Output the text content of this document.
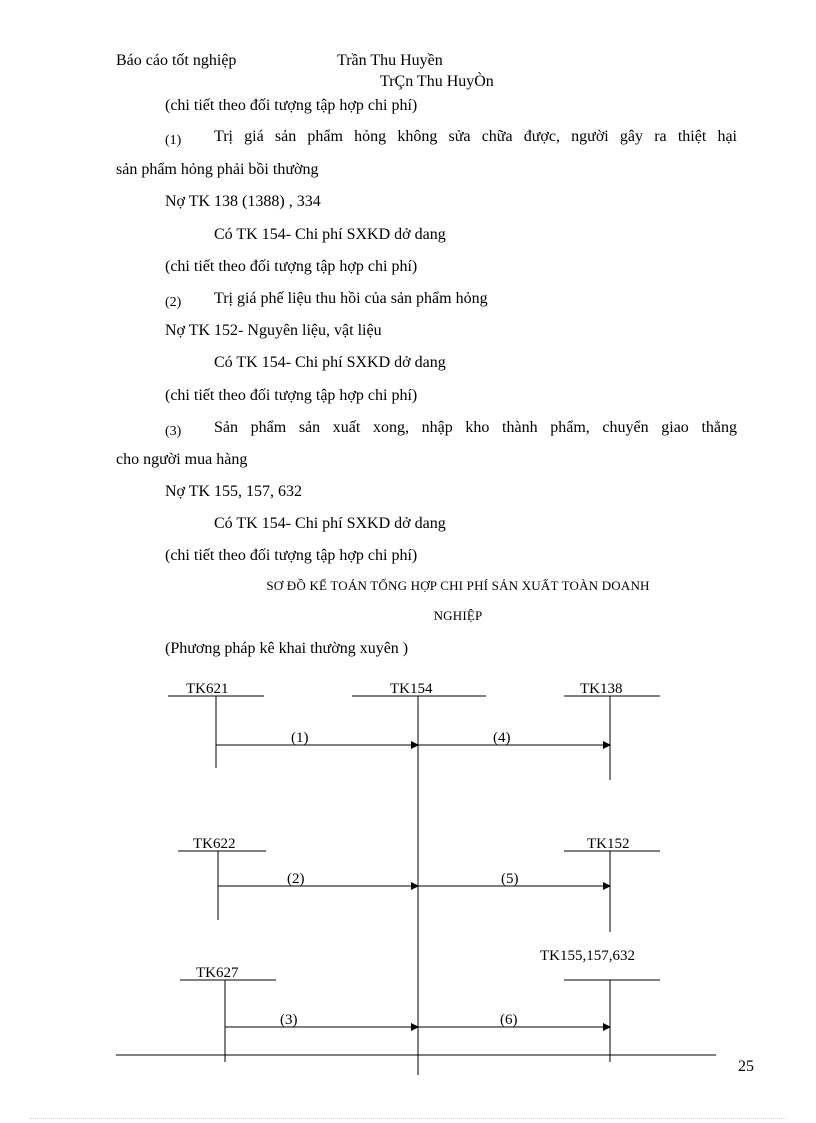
Báo cáo tốt nghiệp	Trần Thu Huyền
TrÇn Thu HuyÒn
(chi tiết theo đối tượng tập hợp chi phí)
(1) Trị giá sản phẩm hỏng không sửa chữa được, người gây ra thiệt hại
sản phẩm hỏng phải bồi thường
Nợ TK 138 (1388) , 334
Có TK 154- Chi phí SXKD dở dang
(chi tiết theo đối tượng tập hợp chi phí)
(2) Trị giá phế liệu thu hồi của sản phẩm hỏng
Nợ TK 152- Nguyên liệu, vật liệu
Có TK 154- Chi phí SXKD dở dang
(chi tiết theo đối tượng tập hợp chi phí)
(3) Sản phẩm sản xuất xong, nhập kho thành phẩm, chuyển giao thẳng
cho người mua hàng
Nợ TK 155, 157, 632
Có TK 154- Chi phí SXKD dở dang
(chi tiết theo đối tượng tập hợp chi phí)
SƠ ĐỒ KẾ TOÁN TỔNG HỢP CHI PHÍ SẢN XUẤT TOÀN DOANH
NGHIỆP
(Phương pháp kê khai thường xuyên )
TK621	TK154	TK138
TK622	TK152
TK627
TK155,157,632
(1)	(4)
(2)	(5)
(3)	(6)
25
